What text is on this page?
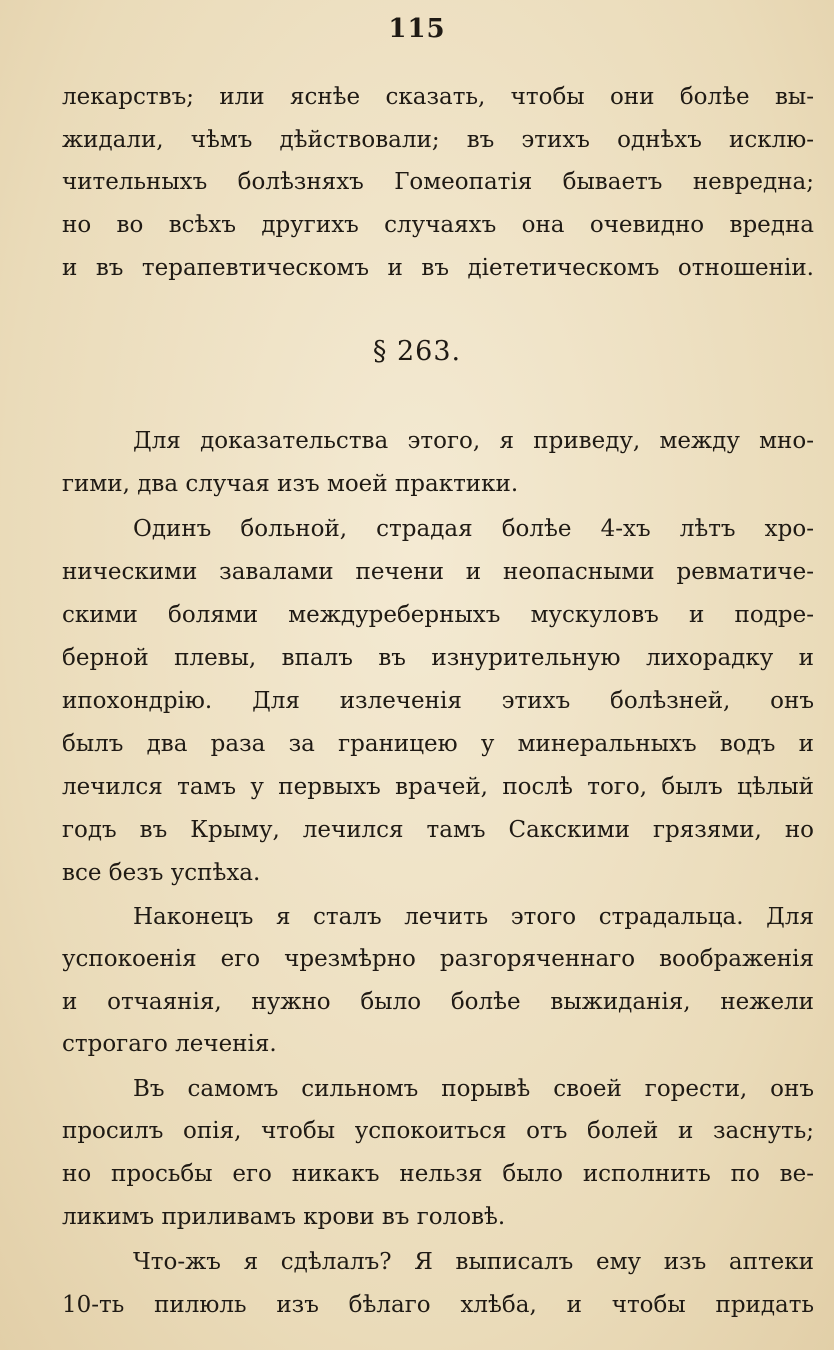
115
лекарствъ; или яснѣе сказать, чтобы они болѣе вы-
жидали, чѣмъ дѣйствовали; въ этихъ однѣхъ исклю-
чительныхъ болѣзняхъ Гомеопатія бываетъ невредна;
но во всѣхъ другихъ случаяхъ она очевидно вредна
и въ терапевтическомъ и въ діететическомъ отношеніи.
§ 263.
Для доказательства этого, я приведу, между мно-
гими, два случая изъ моей практики.
Одинъ больной, страдая болѣе 4-хъ лѣтъ хро-
ническими завалами печени и неопасными ревматиче-
скими болями междуреберныхъ мускуловъ и подре-
берной плевы, впалъ въ изнурительную лихорадку и
ипохондрію. Для излеченія этихъ болѣзней, онъ
былъ два раза за границею у минеральныхъ водъ и
лечился тамъ у первыхъ врачей, послѣ того, былъ цѣлый
годъ въ Крыму, лечился тамъ Сакскими грязями, но
все безъ успѣха.
Наконецъ я сталъ лечить этого страдальца. Для
успокоенія его чрезмѣрно разгоряченнаго воображенія
и отчаянія, нужно было болѣе выжиданія, нежели
строгаго леченія.
Въ самомъ сильномъ порывѣ своей горести, онъ
просилъ опія, чтобы успокоиться отъ болей и заснуть;
но просьбы его никакъ нельзя было исполнить по ве-
ликимъ приливамъ крови въ головѣ.
Что-жъ я сдѣлалъ? Я выписалъ ему изъ аптеки
10-ть пилюль изъ бѣлаго хлѣба, и чтобы придать
